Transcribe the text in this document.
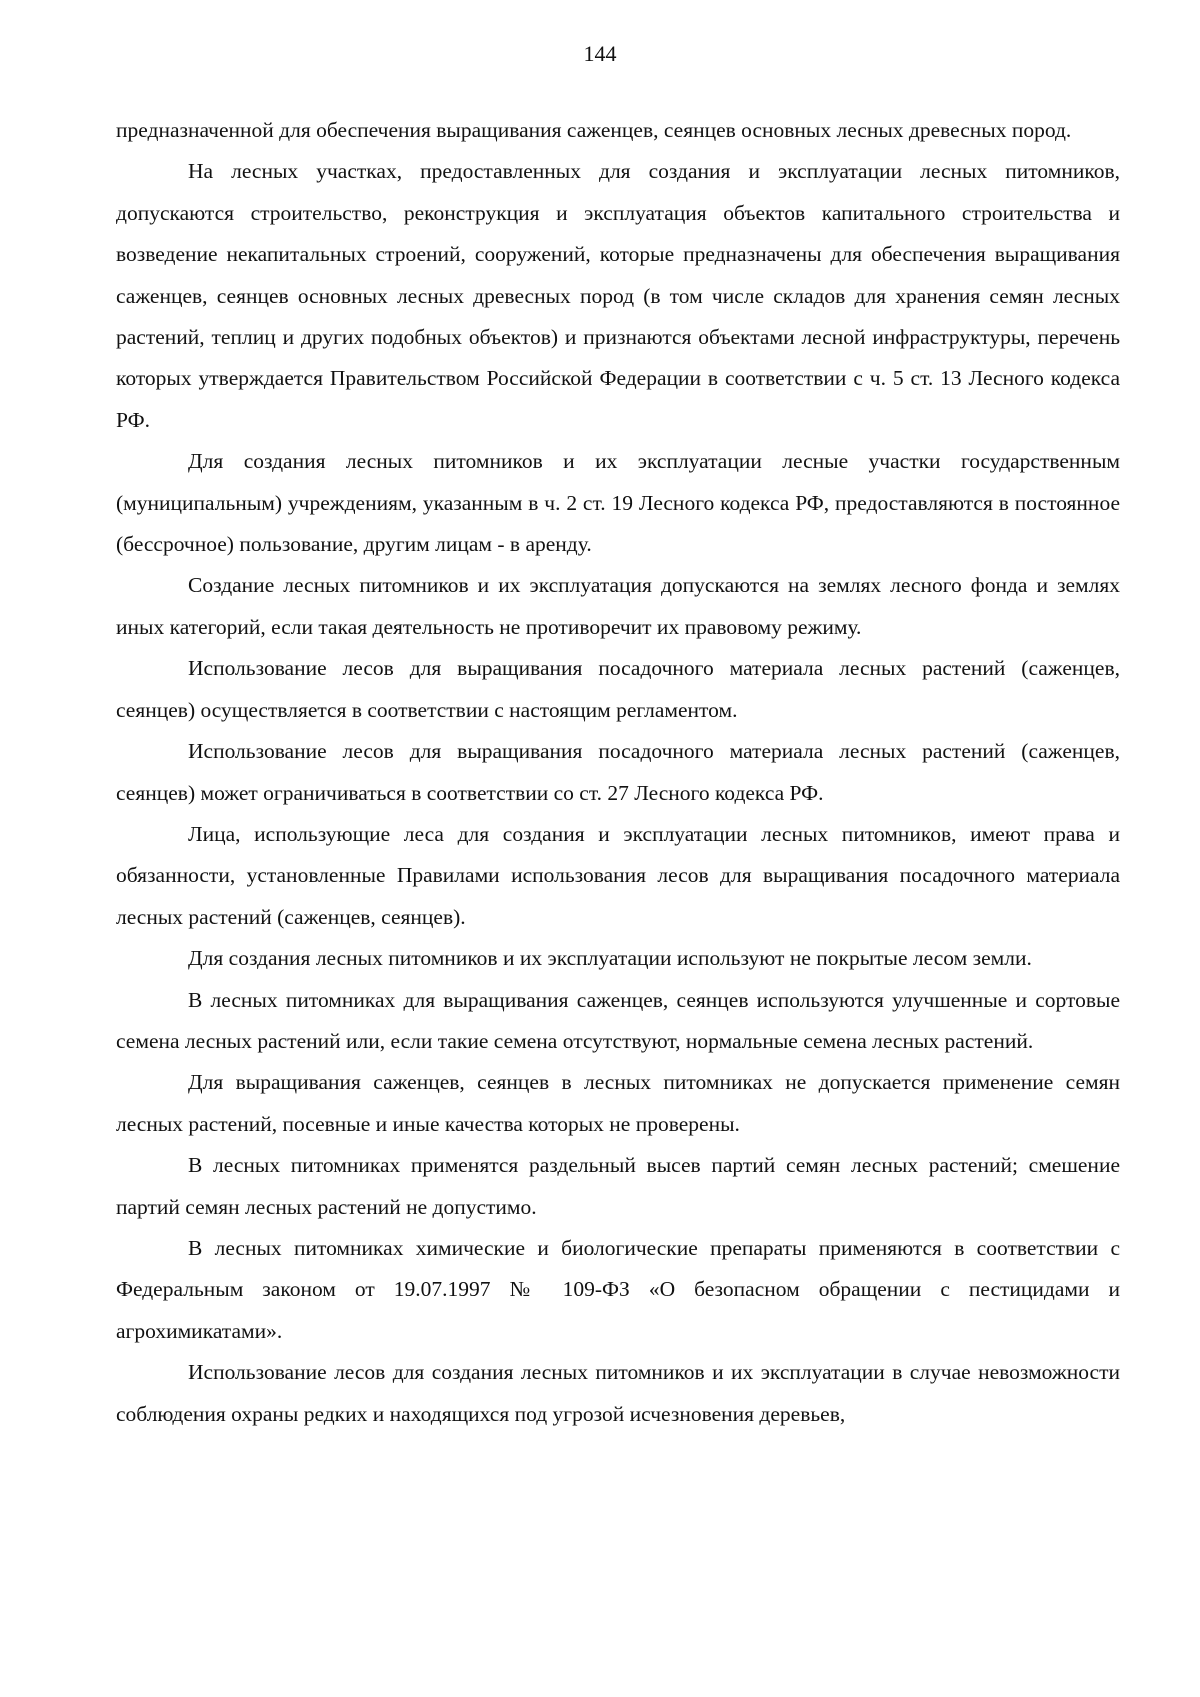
144

предназначенной для обеспечения выращивания саженцев, сеянцев основных лесных древесных пород.

На лесных участках, предоставленных для создания и эксплуатации лесных питомников, допускаются строительство, реконструкция и эксплуатация объектов капитального строительства и возведение некапитальных строений, сооружений, которые предназначены для обеспечения выращивания саженцев, сеянцев основных лесных древесных пород (в том числе складов для хранения семян лесных растений, теплиц и других подобных объектов) и признаются объектами лесной инфраструктуры, перечень которых утверждается Правительством Российской Федерации в соответствии с ч. 5 ст. 13 Лесного кодекса РФ.

Для создания лесных питомников и их эксплуатации лесные участки государственным (муниципальным) учреждениям, указанным в ч. 2 ст. 19 Лесного кодекса РФ, предоставляются в постоянное (бессрочное) пользование, другим лицам - в аренду.

Создание лесных питомников и их эксплуатация допускаются на землях лесного фонда и землях иных категорий, если такая деятельность не противоречит их правовому режиму.

Использование лесов для выращивания посадочного материала лесных растений (саженцев, сеянцев) осуществляется в соответствии с настоящим регламентом.

Использование лесов для выращивания посадочного материала лесных растений (саженцев, сеянцев) может ограничиваться в соответствии со ст. 27 Лесного кодекса РФ.

Лица, использующие леса для создания и эксплуатации лесных питомников, имеют права и обязанности, установленные Правилами использования лесов для выращивания посадочного материала лесных растений (саженцев, сеянцев).

Для создания лесных питомников и их эксплуатации используют не покрытые лесом земли.

В лесных питомниках для выращивания саженцев, сеянцев используются улучшенные и сортовые семена лесных растений или, если такие семена отсутствуют, нормальные семена лесных растений.

Для выращивания саженцев, сеянцев в лесных питомниках не допускается применение семян лесных растений, посевные и иные качества которых не проверены.

В лесных питомниках применятся раздельный высев партий семян лесных растений; смешение партий семян лесных растений не допустимо.

В лесных питомниках химические и биологические препараты применяются в соответствии с Федеральным законом от 19.07.1997 № 109-ФЗ «О безопасном обращении с пестицидами и агрохимикатами».

Использование лесов для создания лесных питомников и их эксплуатации в случае невозможности соблюдения охраны редких и находящихся под угрозой исчезновения деревьев,
